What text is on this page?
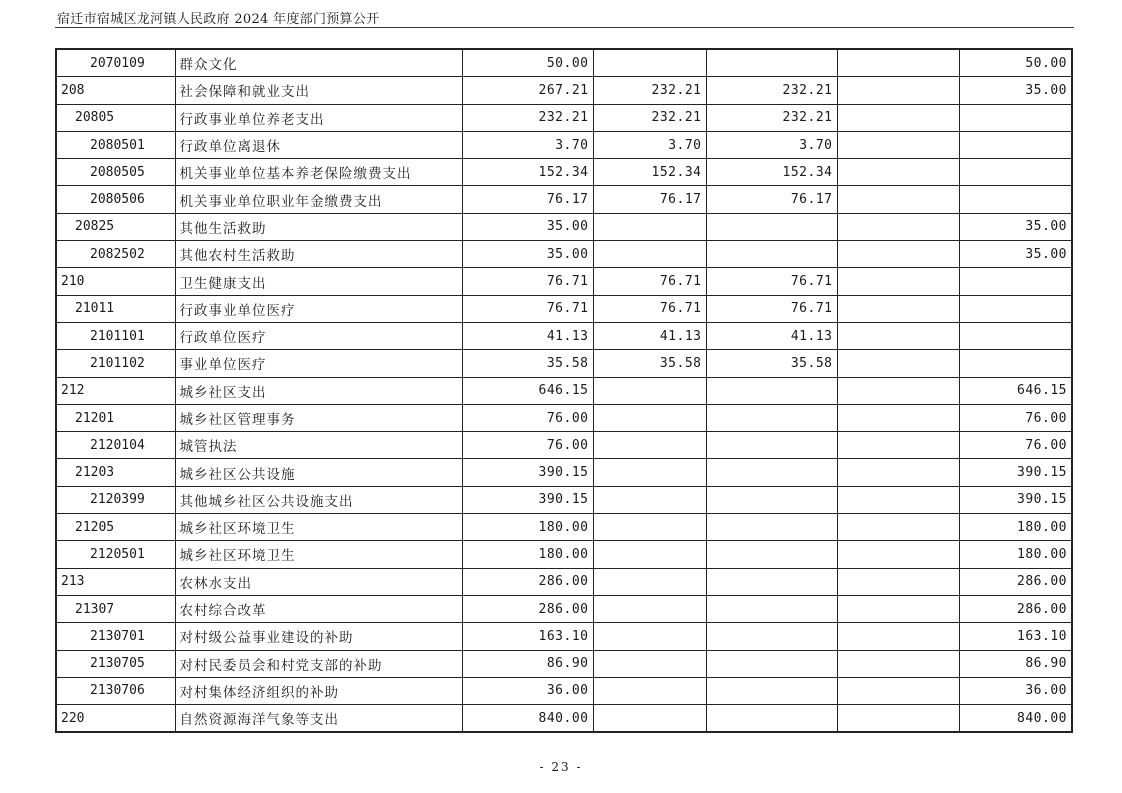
宿迁市宿城区龙河镇人民政府 2024 年度部门预算公开
2070109	群众文化	50.00				50.00
208	社会保障和就业支出	267.21	232.21	232.21		35.00
20805	行政事业单位养老支出	232.21	232.21	232.21		
2080501	行政单位离退休	3.70	3.70	3.70		
2080505	机关事业单位基本养老保险缴费支出	152.34	152.34	152.34		
2080506	机关事业单位职业年金缴费支出	76.17	76.17	76.17		
20825	其他生活救助	35.00				35.00
2082502	其他农村生活救助	35.00				35.00
210	卫生健康支出	76.71	76.71	76.71		
21011	行政事业单位医疗	76.71	76.71	76.71		
2101101	行政单位医疗	41.13	41.13	41.13		
2101102	事业单位医疗	35.58	35.58	35.58		
212	城乡社区支出	646.15				646.15
21201	城乡社区管理事务	76.00				76.00
2120104	城管执法	76.00				76.00
21203	城乡社区公共设施	390.15				390.15
2120399	其他城乡社区公共设施支出	390.15				390.15
21205	城乡社区环境卫生	180.00				180.00
2120501	城乡社区环境卫生	180.00				180.00
213	农林水支出	286.00				286.00
21307	农村综合改革	286.00				286.00
2130701	对村级公益事业建设的补助	163.10				163.10
2130705	对村民委员会和村党支部的补助	86.90				86.90
2130706	对村集体经济组织的补助	36.00				36.00
220	自然资源海洋气象等支出	840.00				840.00
- 23 -
